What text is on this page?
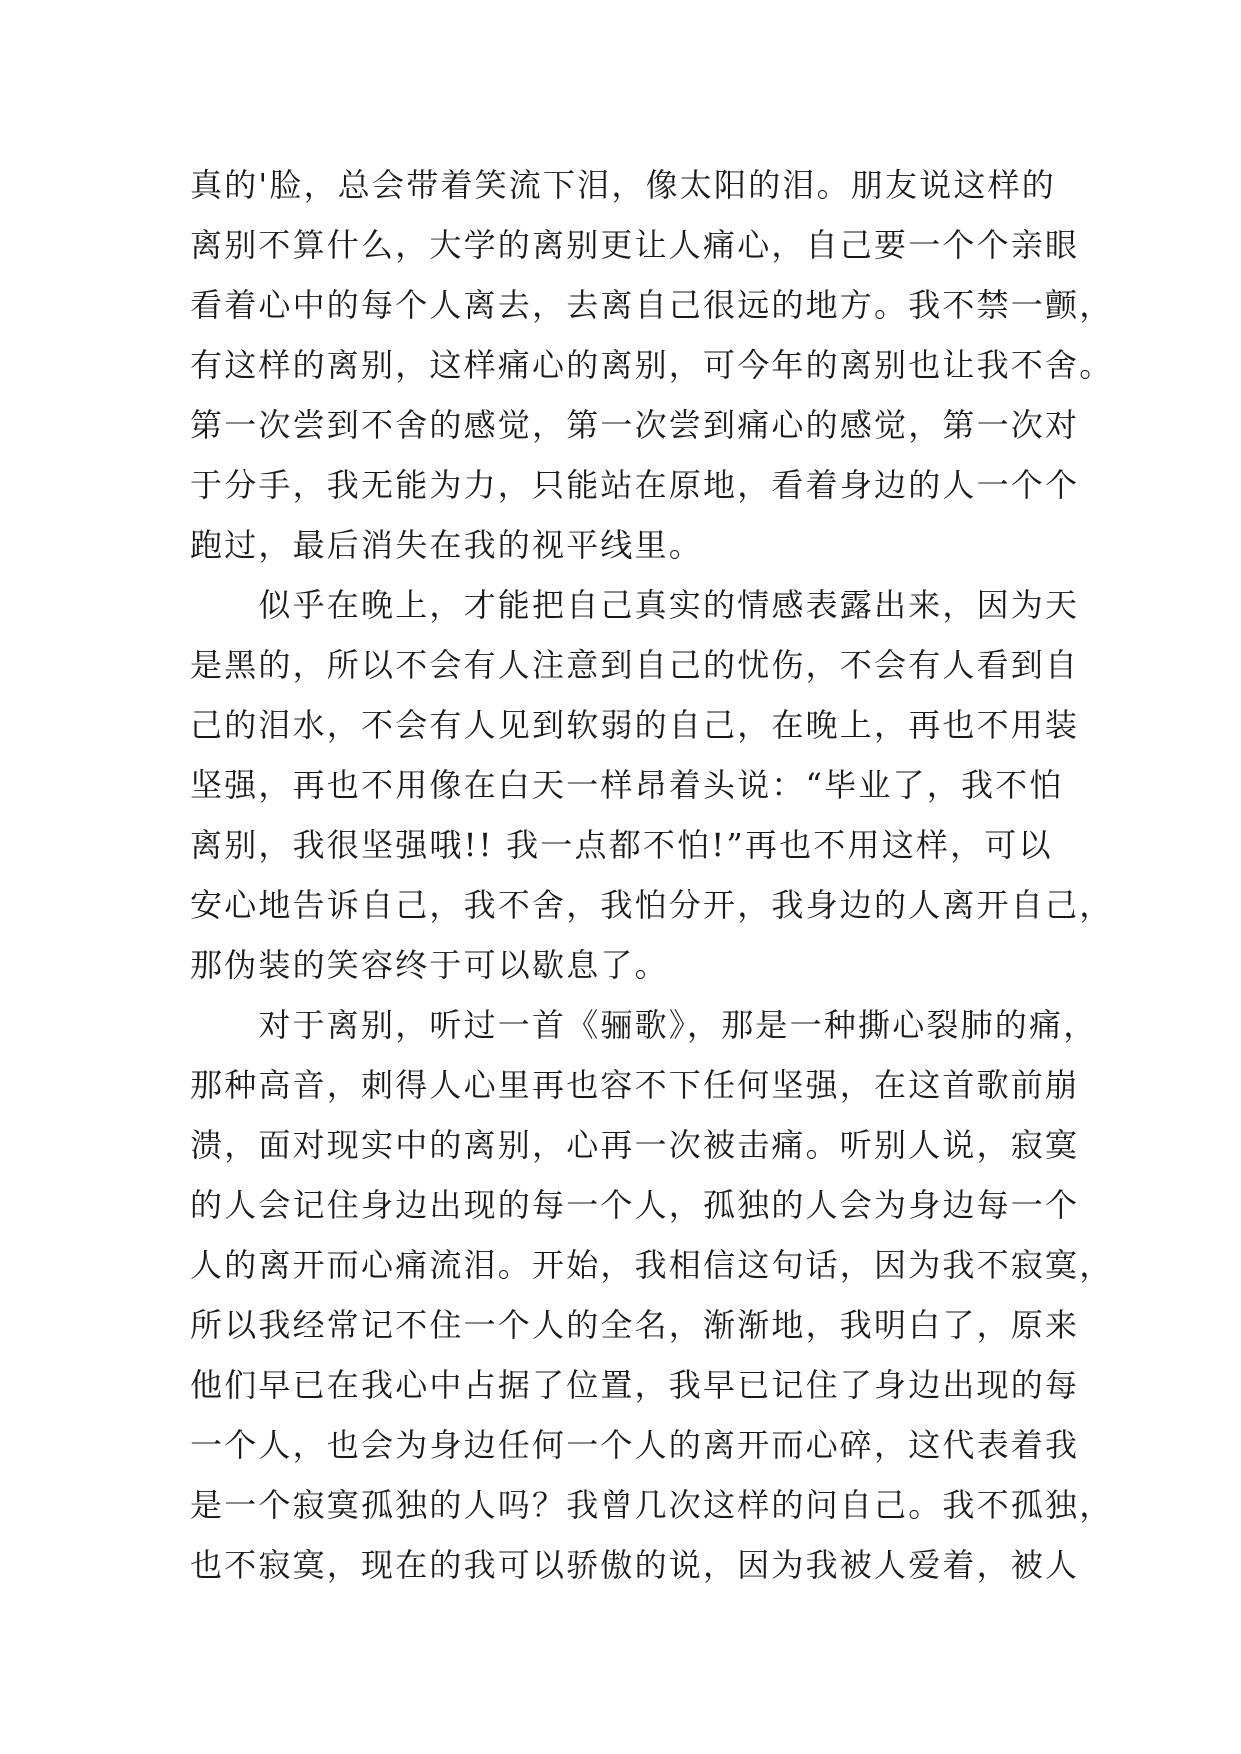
真的'脸，总会带着笑流下泪，像太阳的泪。朋友说这样的
离别不算什么，大学的离别更让人痛心，自己要一个个亲眼
看着心中的每个人离去，去离自己很远的地方。我不禁一颤，
有这样的离别，这样痛心的离别，可今年的离别也让我不舍。
第一次尝到不舍的感觉，第一次尝到痛心的感觉，第一次对
于分手，我无能为力，只能站在原地，看着身边的人一个个
跑过，最后消失在我的视平线里。
　　似乎在晚上，才能把自己真实的情感表露出来，因为天
是黑的，所以不会有人注意到自己的忧伤，不会有人看到自
己的泪水，不会有人见到软弱的自己，在晚上，再也不用装
坚强，再也不用像在白天一样昂着头说：“毕业了，我不怕
离别，我很坚强哦!! 我一点都不怕!”再也不用这样，可以
安心地告诉自己，我不舍，我怕分开，我身边的人离开自己，
那伪装的笑容终于可以歇息了。
　　对于离别，听过一首《骊歌》，那是一种撕心裂肺的痛，
那种高音，刺得人心里再也容不下任何坚强，在这首歌前崩
溃，面对现实中的离别，心再一次被击痛。听别人说，寂寞
的人会记住身边出现的每一个人，孤独的人会为身边每一个
人的离开而心痛流泪。开始，我相信这句话，因为我不寂寞，
所以我经常记不住一个人的全名，渐渐地，我明白了，原来
他们早已在我心中占据了位置，我早已记住了身边出现的每
一个人，也会为身边任何一个人的离开而心碎，这代表着我
是一个寂寞孤独的人吗？我曾几次这样的问自己。我不孤独，
也不寂寞，现在的我可以骄傲的说，因为我被人爱着，被人
